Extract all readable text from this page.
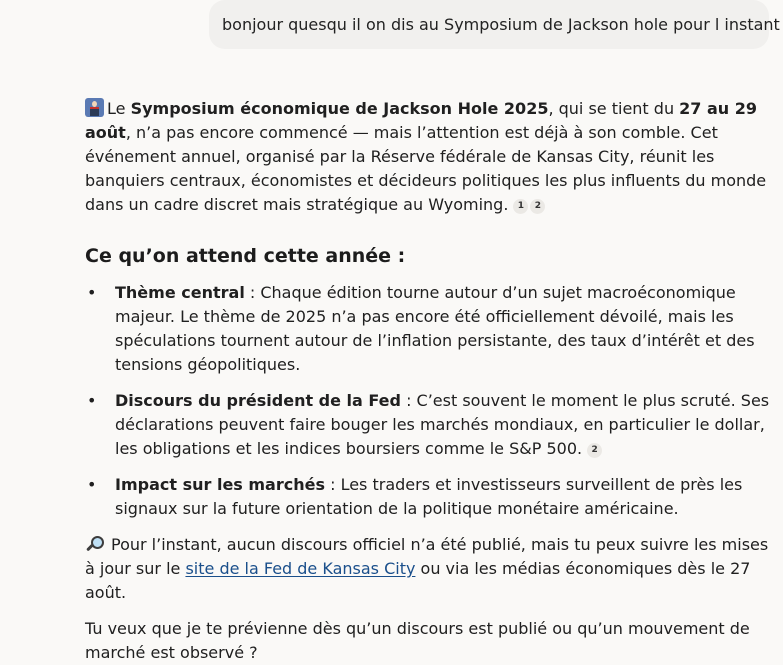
bonjour quesqu il on dis au Symposium de Jackson hole pour l instant

Le Symposium économique de Jackson Hole 2025, qui se tient du 27 au 29 août, n’a pas encore commencé — mais l’attention est déjà à son comble. Cet événement annuel, organisé par la Réserve fédérale de Kansas City, réunit les banquiers centraux, économistes et décideurs politiques les plus influents du monde dans un cadre discret mais stratégique au Wyoming. 1 2

Ce qu’on attend cette année :
• Thème central : Chaque édition tourne autour d’un sujet macroéconomique majeur. Le thème de 2025 n’a pas encore été officiellement dévoilé, mais les spéculations tournent autour de l’inflation persistante, des taux d’intérêt et des tensions géopolitiques.
• Discours du président de la Fed : C’est souvent le moment le plus scruté. Ses déclarations peuvent faire bouger les marchés mondiaux, en particulier le dollar, les obligations et les indices boursiers comme le S&P 500. 2
• Impact sur les marchés : Les traders et investisseurs surveillent de près les signaux sur la future orientation de la politique monétaire américaine.

Pour l’instant, aucun discours officiel n’a été publié, mais tu peux suivre les mises à jour sur le site de la Fed de Kansas City ou via les médias économiques dès le 27 août.

Tu veux que je te prévienne dès qu’un discours est publié ou qu’un mouvement de marché est observé ?
